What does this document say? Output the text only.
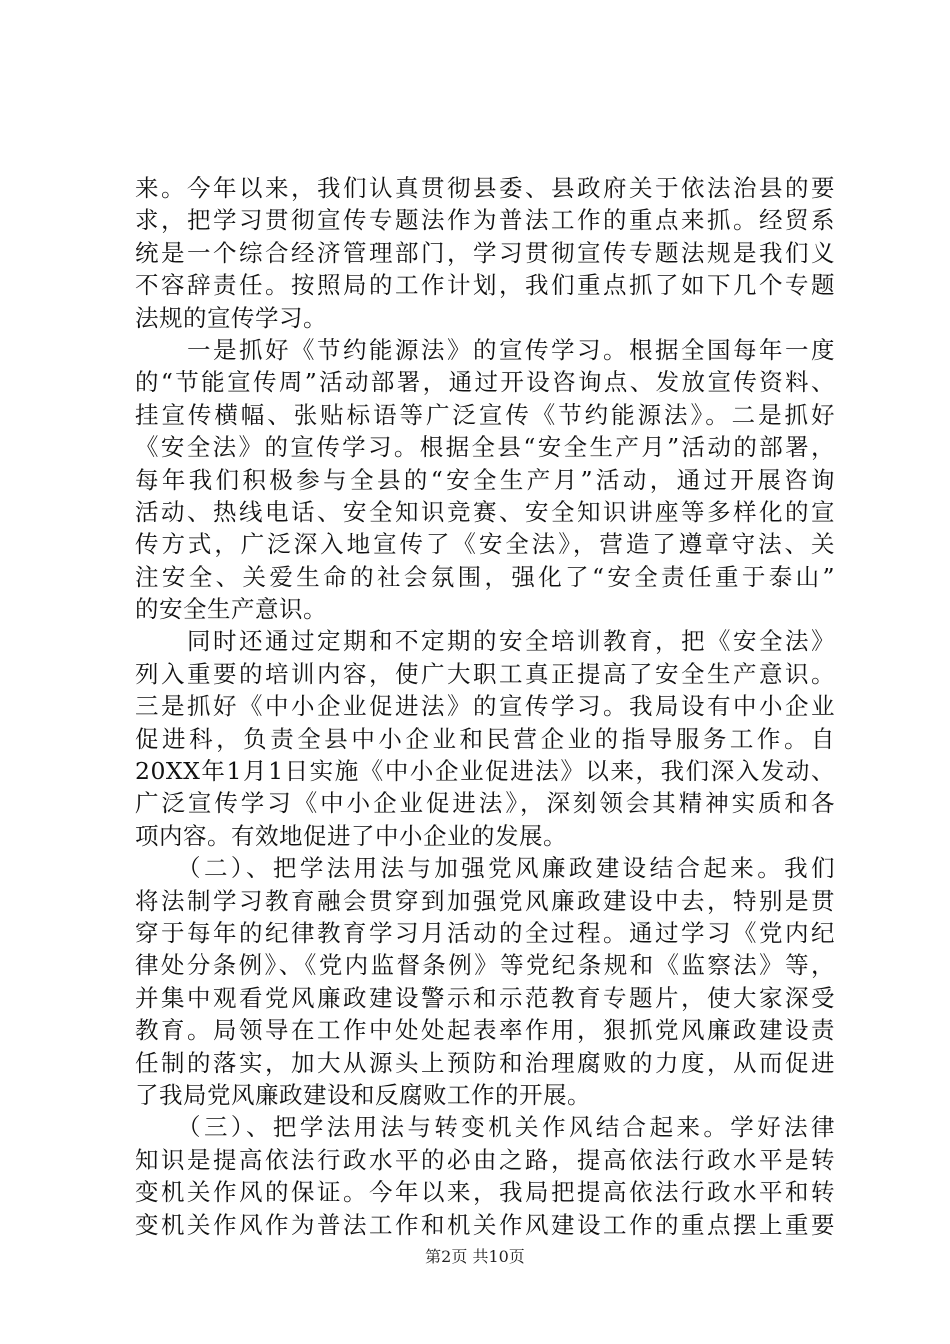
来。今年以来，我们认真贯彻县委、县政府关于依法治县的要
求，把学习贯彻宣传专题法作为普法工作的重点来抓。经贸系
统是一个综合经济管理部门，学习贯彻宣传专题法规是我们义
不容辞责任。按照局的工作计划，我们重点抓了如下几个专题
法规的宣传学习。
　　一是抓好《节约能源法》的宣传学习。根据全国每年一度
的“节能宣传周”活动部署，通过开设咨询点、发放宣传资料、
挂宣传横幅、张贴标语等广泛宣传《节约能源法》。二是抓好
《安全法》的宣传学习。根据全县“安全生产月”活动的部署，
每年我们积极参与全县的“安全生产月”活动，通过开展咨询
活动、热线电话、安全知识竞赛、安全知识讲座等多样化的宣
传方式，广泛深入地宣传了《安全法》，营造了遵章守法、关
注安全、关爱生命的社会氛围，强化了“安全责任重于泰山”
的安全生产意识。
　　同时还通过定期和不定期的安全培训教育，把《安全法》
列入重要的培训内容，使广大职工真正提高了安全生产意识。
三是抓好《中小企业促进法》的宣传学习。我局设有中小企业
促进科，负责全县中小企业和民营企业的指导服务工作。自
20XX年1月1日实施《中小企业促进法》以来，我们深入发动、
广泛宣传学习《中小企业促进法》，深刻领会其精神实质和各
项内容。有效地促进了中小企业的发展。
　　（二）、把学法用法与加强党风廉政建设结合起来。我们
将法制学习教育融会贯穿到加强党风廉政建设中去，特别是贯
穿于每年的纪律教育学习月活动的全过程。通过学习《党内纪
律处分条例》、《党内监督条例》等党纪条规和《监察法》等，
并集中观看党风廉政建设警示和示范教育专题片，使大家深受
教育。局领导在工作中处处起表率作用，狠抓党风廉政建设责
任制的落实，加大从源头上预防和治理腐败的力度，从而促进
了我局党风廉政建设和反腐败工作的开展。
　　（三）、把学法用法与转变机关作风结合起来。学好法律
知识是提高依法行政水平的必由之路，提高依法行政水平是转
变机关作风的保证。今年以来，我局把提高依法行政水平和转
变机关作风作为普法工作和机关作风建设工作的重点摆上重要
第2页 共10页
